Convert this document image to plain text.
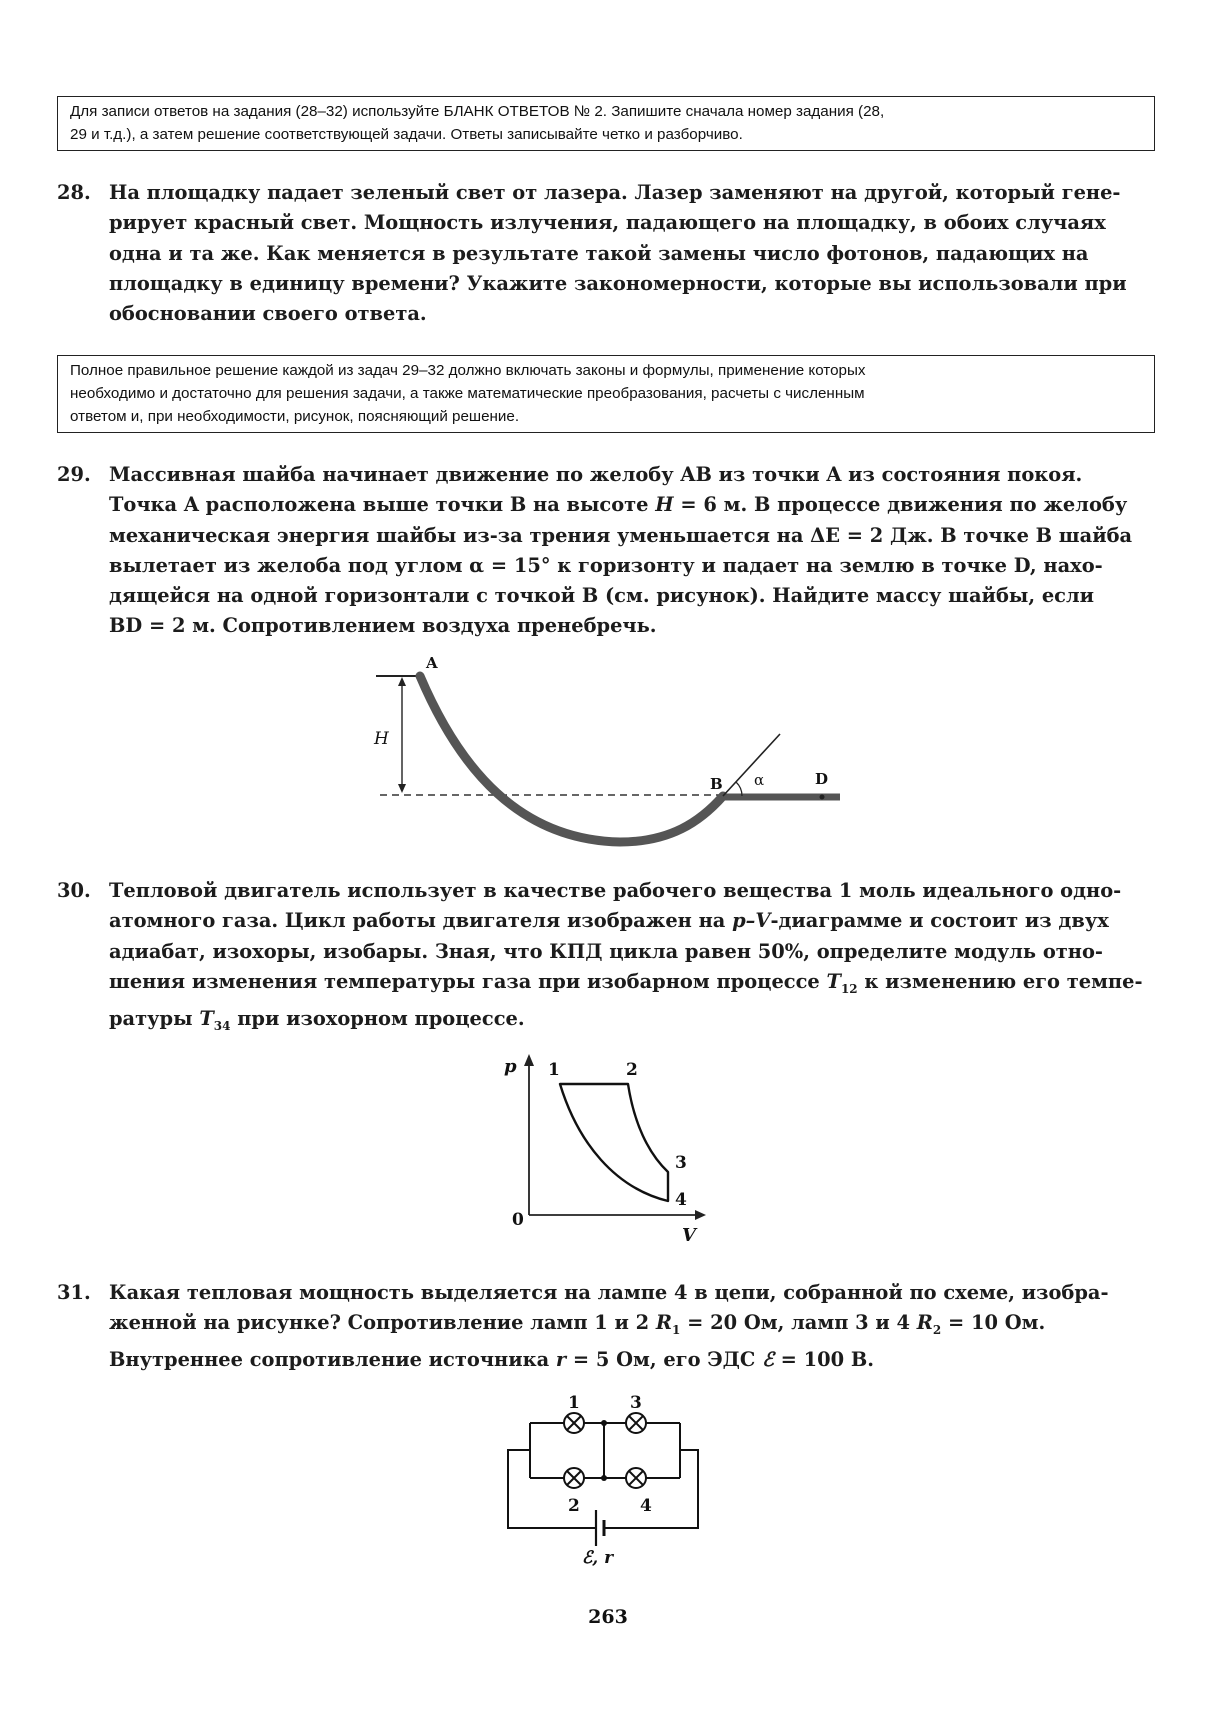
Для записи ответов на задания (28–32) используйте БЛАНК ОТВЕТОВ № 2. Запишите сначала номер задания (28,
29 и т.д.), а затем решение соответствующей задачи. Ответы записывайте четко и разборчиво.
28. На площадку падает зеленый свет от лазера. Лазер заменяют на другой, который гене-
рирует красный свет. Мощность излучения, падающего на площадку, в обоих случаях
одна и та же. Как меняется в результате такой замены число фотонов, падающих на
площадку в единицу времени? Укажите закономерности, которые вы использовали при
обосновании своего ответа.
Полное правильное решение каждой из задач 29–32 должно включать законы и формулы, применение которых
необходимо и достаточно для решения задачи, а также математические преобразования, расчеты с численным
ответом и, при необходимости, рисунок, поясняющий решение.
29. Массивная шайба начинает движение по желобу AB из точки A из состояния покоя.
Точка A расположена выше точки B на высоте H = 6 м. В процессе движения по желобу
механическая энергия шайбы из-за трения уменьшается на ΔE = 2 Дж. В точке B шайба
вылетает из желоба под углом α = 15° к горизонту и падает на землю в точке D, нахо-
дящейся на одной горизонтали с точкой B (см. рисунок). Найдите массу шайбы, если
BD = 2 м. Сопротивлением воздуха пренебречь.
A
H
B α	D
30. Тепловой двигатель использует в качестве рабочего вещества 1 моль идеального одно-
атомного газа. Цикл работы двигателя изображен на p–V-диаграмме и состоит из двух
адиабат, изохоры, изобары. Зная, что КПД цикла равен 50%, определите модуль отно-
шения изменения температуры газа при изобарном процессе $T_{12}$ к изменению его темпе-
ратуры $T_{34}$ при изохорном процессе.
p
V
0
1	2
3
4
31. Какая тепловая мощность выделяется на лампе 4 в цепи, собранной по схеме, изобра-
женной на рисунке? Сопротивление ламп 1 и 2 $R_1 = 20$ Ом, ламп 3 и 4 $R_2 = 10$ Ом.
Внутреннее сопротивление источника r = 5 Ом, его ЭДС ℰ = 100 В.
1	3
2	4
ℰ, r
263
